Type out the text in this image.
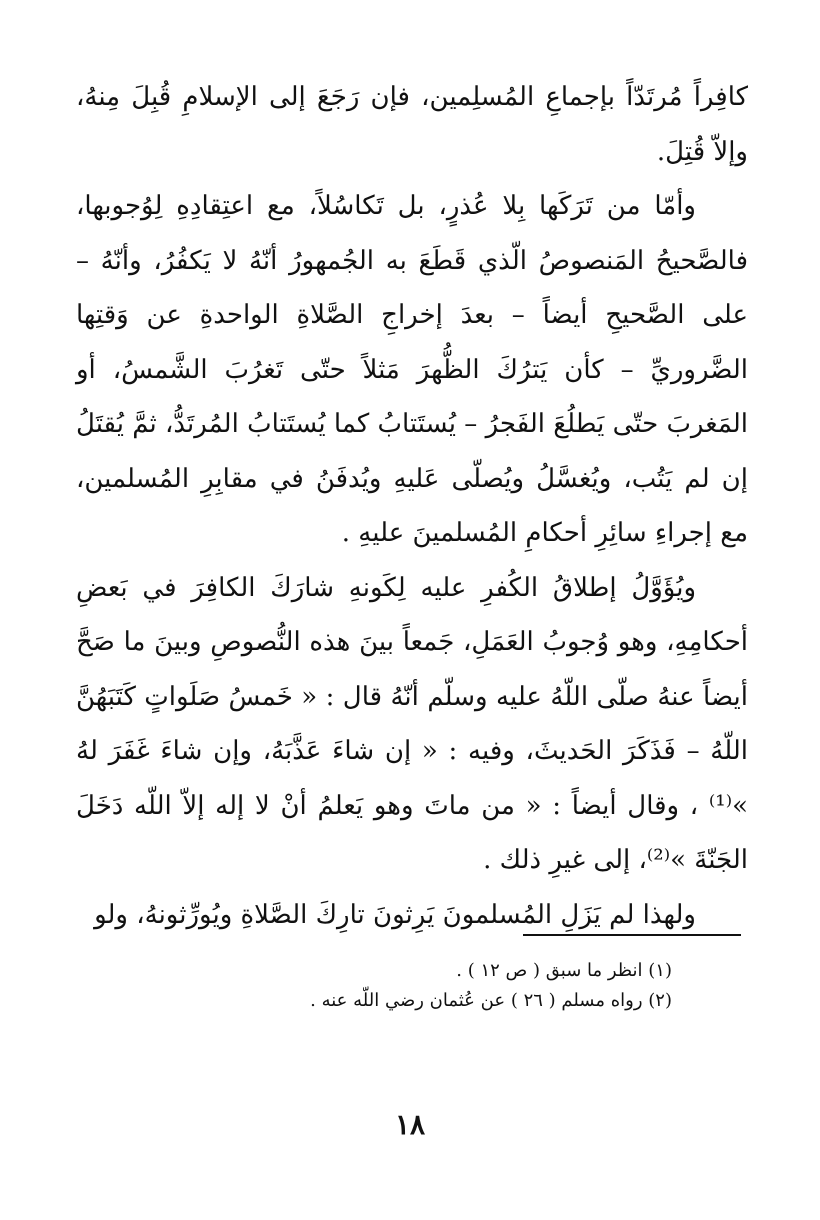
كافِراً مُرتَدّاً بإجماعِ المُسلِمين، فإن رَجَعَ إلى الإسلامِ قُبِلَ مِنهُ، وإلاّ قُتِلَ.

وأمّا من تَرَكَها بِلا عُذرٍ، بل تَكاسُلاً، مع اعتِقادِهِ لِوُجوبها، فالصَّحيحُ المَنصوصُ الّذي قَطَعَ به الجُمهورُ أنّهُ لا يَكفُرُ، وأنّهُ – على الصَّحيحِ أيضاً – بعدَ إخراجِ الصَّلاةِ الواحدةِ عن وَقتِها الضَّروريِّ – كأن يَترُكَ الظُّهرَ مَثلاً حتّى تَغرُبَ الشَّمسُ، أو المَغربَ حتّى يَطلُعَ الفَجرُ – يُستَتابُ كما يُستَتابُ المُرتَدُّ، ثمَّ يُقتَلُ إن لم يَتُب، ويُغسَّلُ ويُصلّى عَليهِ ويُدفَنُ في مقابِرِ المُسلمين، مع إجراءِ سائِرِ أحكامِ المُسلمينَ عليهِ .

ويُؤَوَّلُ إطلاقُ الكُفرِ عليه لِكَونهِ شارَكَ الكافِرَ في بَعضِ أحكامِهِ، وهو وُجوبُ العَمَلِ، جَمعاً بينَ هذه النُّصوصِ وبينَ ما صَحَّ أيضاً عنهُ صلّى اللّهُ عليه وسلّم أنّهُ قال : « خَمسُ صَلَواتٍ كَتَبَهُنَّ اللّهُ – فَذَكَرَ الحَديثَ، وفيه : « إن شاءَ عَذَّبَهُ، وإن شاءَ غَفَرَ لهُ »⁽¹⁾ ، وقال أيضاً : « من ماتَ وهو يَعلمُ أنْ لا إله إلاّ اللّه دَخَلَ الجَنّةَ »⁽²⁾، إلى غيرِ ذلك .

ولهذا لم يَزَلِ المُسلمونَ يَرِثونَ تارِكَ الصَّلاةِ ويُورِّثونهُ، ولو

(١) انظر ما سبق ( ص ١٢ ) .

(٢) رواه مسلم ( ٢٦ ) عن عُثمان رضي اللّه عنه .

١٨
